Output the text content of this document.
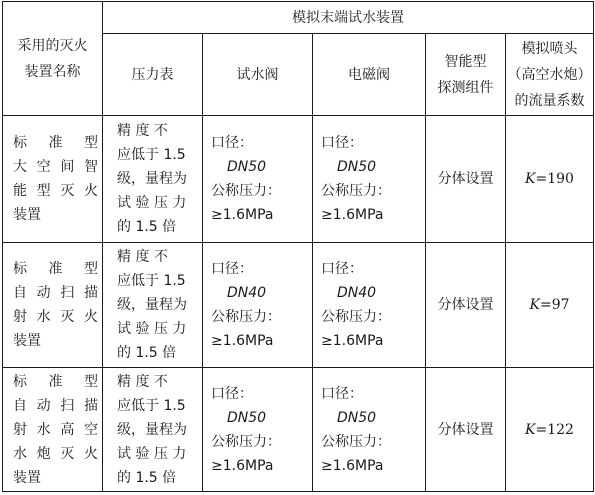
采用的灭火
装置名称	模拟末端试水装置				
	压力表	试水阀	电磁阀	智能型
探测组件	模拟喷头
（高空水炮）
的流量系数

标 准 型
大 空 间 智
能 型 灭 火
装置	精 度 不
应低于 1.5
级，量程为
试 验 压 力
的 1.5 倍	口径：
DN50
公称压力：
≥1.6MPa	口径：
DN50
公称压力：
≥1.6MPa	分体设置	K=190

标 准 型
自 动 扫 描
射 水 灭 火
装置	精 度 不
应低于 1.5
级，量程为
试 验 压 力
的 1.5 倍	口径：
DN40
公称压力：
≥1.6MPa	口径：
DN40
公称压力：
≥1.6MPa	分体设置	K=97

标 准 型
自 动 扫 描
射 水 高 空
水 炮 灭 火
装置	精 度 不
应低于 1.5
级，量程为
试 验 压 力
的 1.5 倍	口径：
DN50
公称压力：
≥1.6MPa	口径：
DN50
公称压力：
≥1.6MPa	分体设置	K=122
